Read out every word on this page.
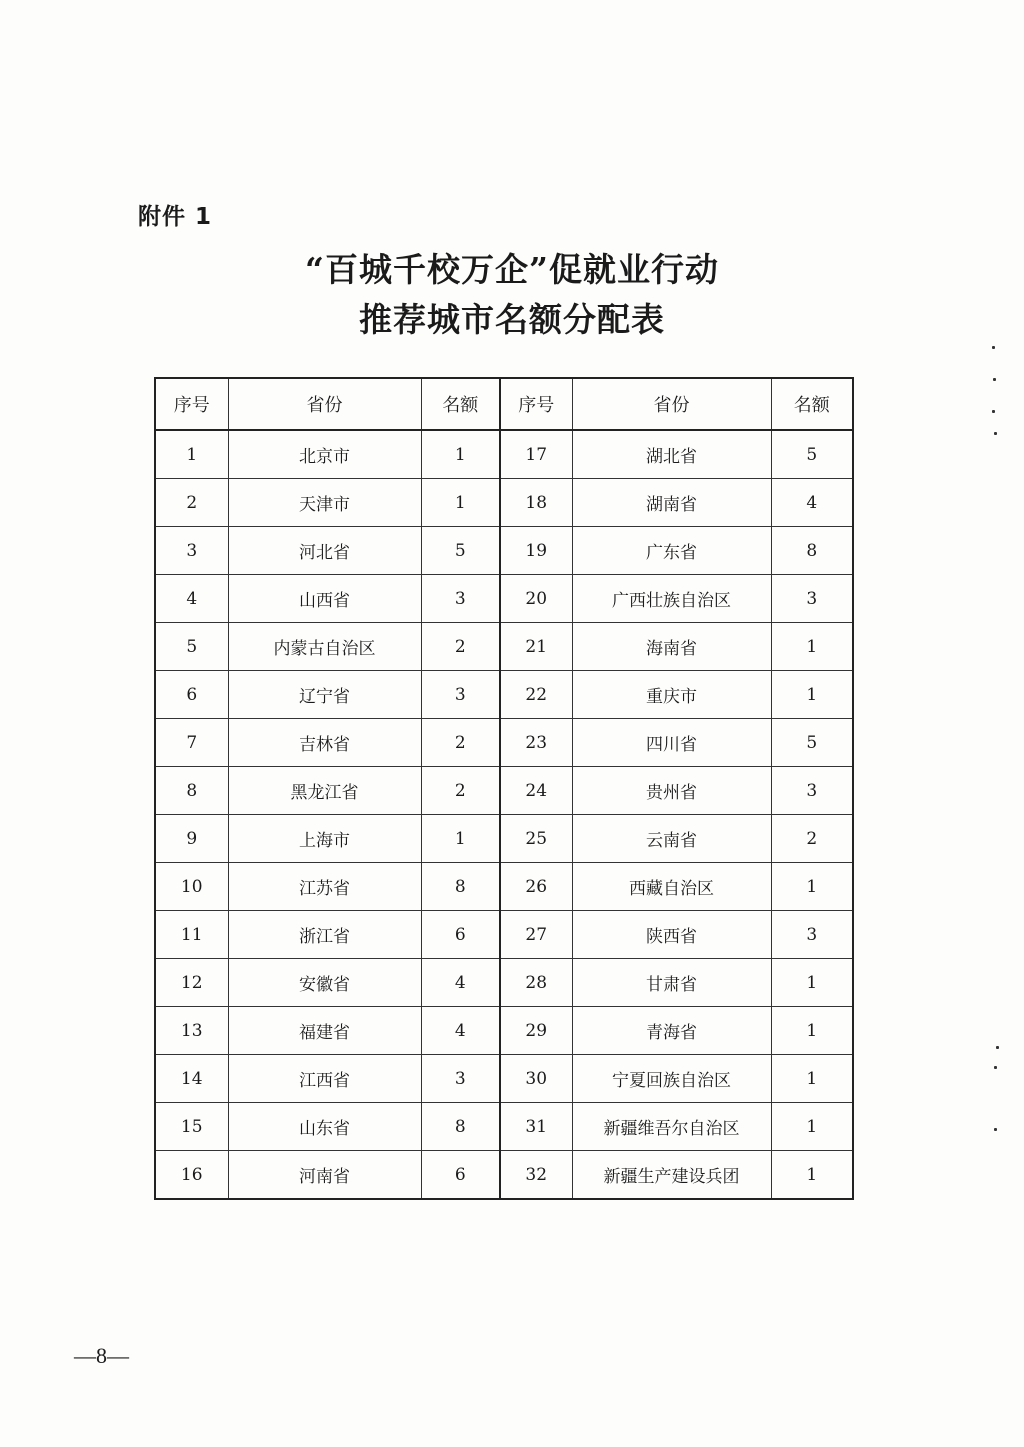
附件 1
“百城千校万企”促就业行动
推荐城市名额分配表
序号	省份	名额	序号	省份	名额
1	北京市	1	17	湖北省	5
2	天津市	1	18	湖南省	4
3	河北省	5	19	广东省	8
4	山西省	3	20	广西壮族自治区	3
5	内蒙古自治区	2	21	海南省	1
6	辽宁省	3	22	重庆市	1
7	吉林省	2	23	四川省	5
8	黑龙江省	2	24	贵州省	3
9	上海市	1	25	云南省	2
10	江苏省	8	26	西藏自治区	1
11	浙江省	6	27	陕西省	3
12	安徽省	4	28	甘肃省	1
13	福建省	4	29	青海省	1
14	江西省	3	30	宁夏回族自治区	1
15	山东省	8	31	新疆维吾尔自治区	1
16	河南省	6	32	新疆生产建设兵团	1
—8—
